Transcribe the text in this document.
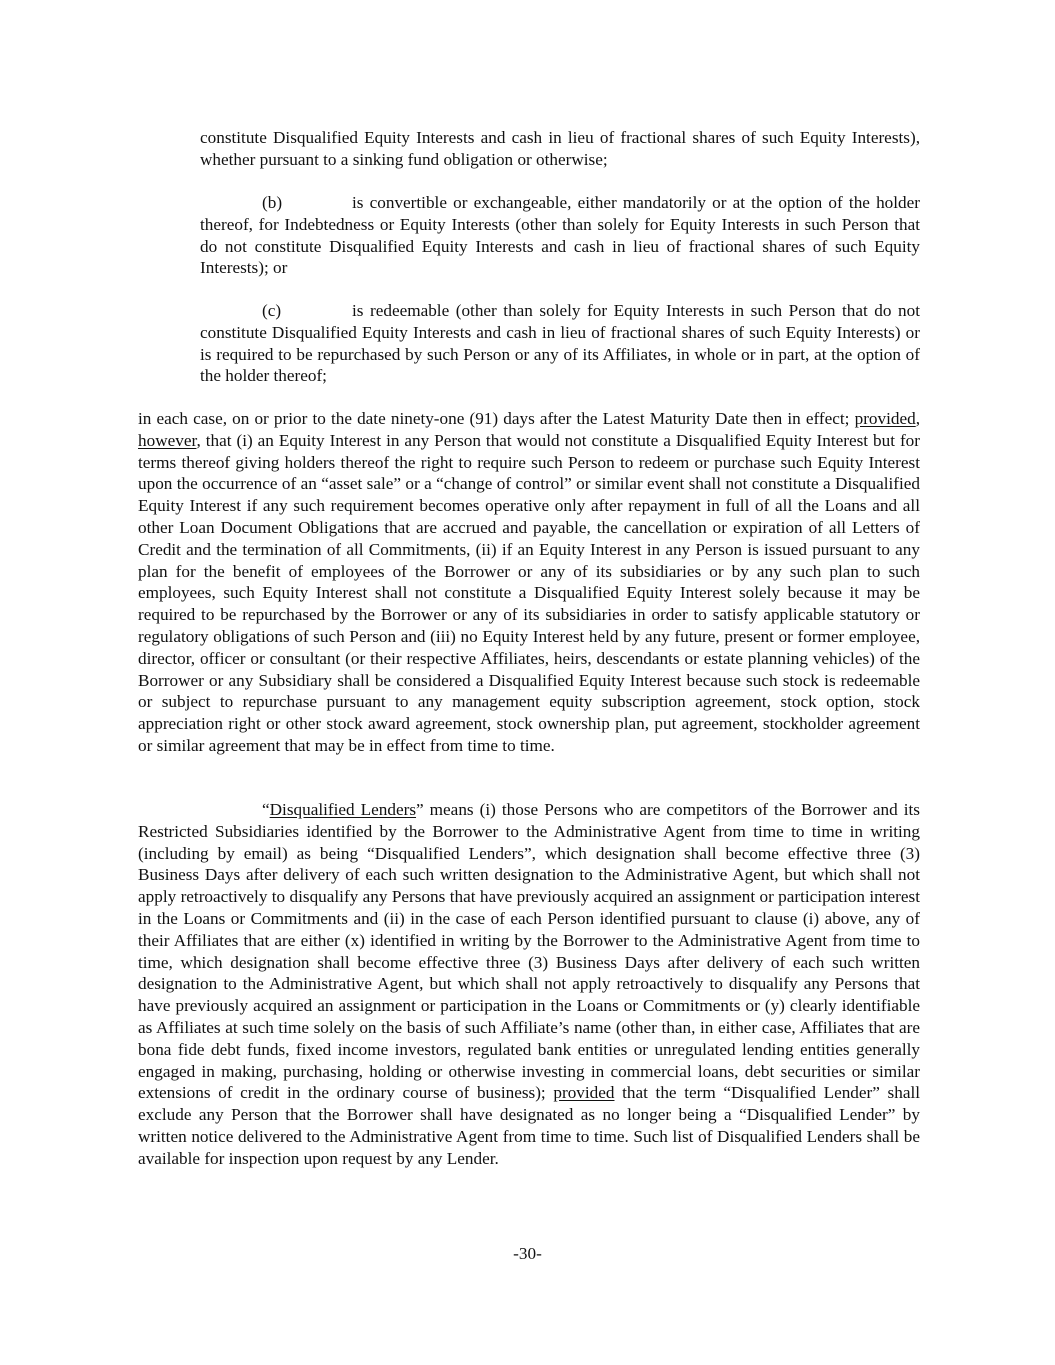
constitute Disqualified Equity Interests and cash in lieu of fractional shares of such Equity Interests), whether pursuant to a sinking fund obligation or otherwise;

(b)	is convertible or exchangeable, either mandatorily or at the option of the holder thereof, for Indebtedness or Equity Interests (other than solely for Equity Interests in such Person that do not constitute Disqualified Equity Interests and cash in lieu of fractional shares of such Equity Interests); or

(c)	is redeemable (other than solely for Equity Interests in such Person that do not constitute Disqualified Equity Interests and cash in lieu of fractional shares of such Equity Interests) or is required to be repurchased by such Person or any of its Affiliates, in whole or in part, at the option of the holder thereof;

in each case, on or prior to the date ninety-one (91) days after the Latest Maturity Date then in effect; provided, however, that (i) an Equity Interest in any Person that would not constitute a Disqualified Equity Interest but for terms thereof giving holders thereof the right to require such Person to redeem or purchase such Equity Interest upon the occurrence of an “asset sale” or a “change of control” or similar event shall not constitute a Disqualified Equity Interest if any such requirement becomes operative only after repayment in full of all the Loans and all other Loan Document Obligations that are accrued and payable, the cancellation or expiration of all Letters of Credit and the termination of all Commitments, (ii) if an Equity Interest in any Person is issued pursuant to any plan for the benefit of employees of the Borrower or any of its subsidiaries or by any such plan to such employees, such Equity Interest shall not constitute a Disqualified Equity Interest solely because it may be required to be repurchased by the Borrower or any of its subsidiaries in order to satisfy applicable statutory or regulatory obligations of such Person and (iii) no Equity Interest held by any future, present or former employee, director, officer or consultant (or their respective Affiliates, heirs, descendants or estate planning vehicles) of the Borrower or any Subsidiary shall be considered a Disqualified Equity Interest because such stock is redeemable or subject to repurchase pursuant to any management equity subscription agreement, stock option, stock appreciation right or other stock award agreement, stock ownership plan, put agreement, stockholder agreement or similar agreement that may be in effect from time to time.

“Disqualified Lenders” means (i) those Persons who are competitors of the Borrower and its Restricted Subsidiaries identified by the Borrower to the Administrative Agent from time to time in writing (including by email) as being “Disqualified Lenders”, which designation shall become effective three (3) Business Days after delivery of each such written designation to the Administrative Agent, but which shall not apply retroactively to disqualify any Persons that have previously acquired an assignment or participation interest in the Loans or Commitments and (ii) in the case of each Person identified pursuant to clause (i) above, any of their Affiliates that are either (x) identified in writing by the Borrower to the Administrative Agent from time to time, which designation shall become effective three (3) Business Days after delivery of each such written designation to the Administrative Agent, but which shall not apply retroactively to disqualify any Persons that have previously acquired an assignment or participation in the Loans or Commitments or (y) clearly identifiable as Affiliates at such time solely on the basis of such Affiliate’s name (other than, in either case, Affiliates that are bona fide debt funds, fixed income investors, regulated bank entities or unregulated lending entities generally engaged in making, purchasing, holding or otherwise investing in commercial loans, debt securities or similar extensions of credit in the ordinary course of business); provided that the term “Disqualified Lender” shall exclude any Person that the Borrower shall have designated as no longer being a “Disqualified Lender” by written notice delivered to the Administrative Agent from time to time. Such list of Disqualified Lenders shall be available for inspection upon request by any Lender.

-30-
